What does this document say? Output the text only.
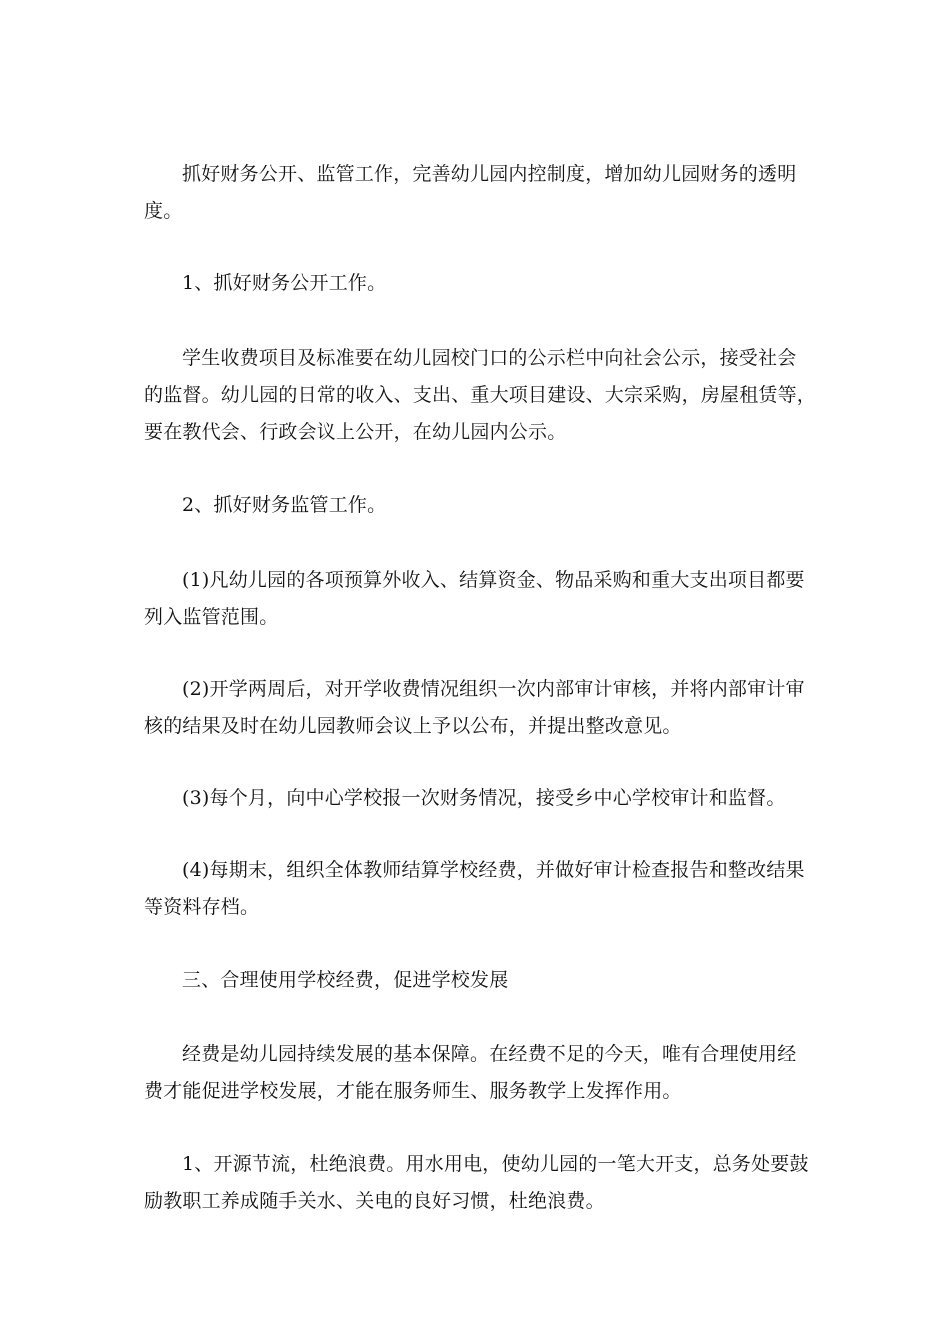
抓好财务公开、监管工作，完善幼儿园内控制度，增加幼儿园财务的透明
度。
1、抓好财务公开工作。
学生收费项目及标准要在幼儿园校门口的公示栏中向社会公示，接受社会
的监督。幼儿园的日常的收入、支出、重大项目建设、大宗采购，房屋租赁等，
要在教代会、行政会议上公开，在幼儿园内公示。
2、抓好财务监管工作。
(1)凡幼儿园的各项预算外收入、结算资金、物品采购和重大支出项目都要
列入监管范围。
(2)开学两周后，对开学收费情况组织一次内部审计审核，并将内部审计审
核的结果及时在幼儿园教师会议上予以公布，并提出整改意见。
(3)每个月，向中心学校报一次财务情况，接受乡中心学校审计和监督。
(4)每期末，组织全体教师结算学校经费，并做好审计检查报告和整改结果
等资料存档。
三、合理使用学校经费，促进学校发展
经费是幼儿园持续发展的基本保障。在经费不足的今天，唯有合理使用经
费才能促进学校发展，才能在服务师生、服务教学上发挥作用。
1、开源节流，杜绝浪费。用水用电，使幼儿园的一笔大开支，总务处要鼓
励教职工养成随手关水、关电的良好习惯，杜绝浪费。
